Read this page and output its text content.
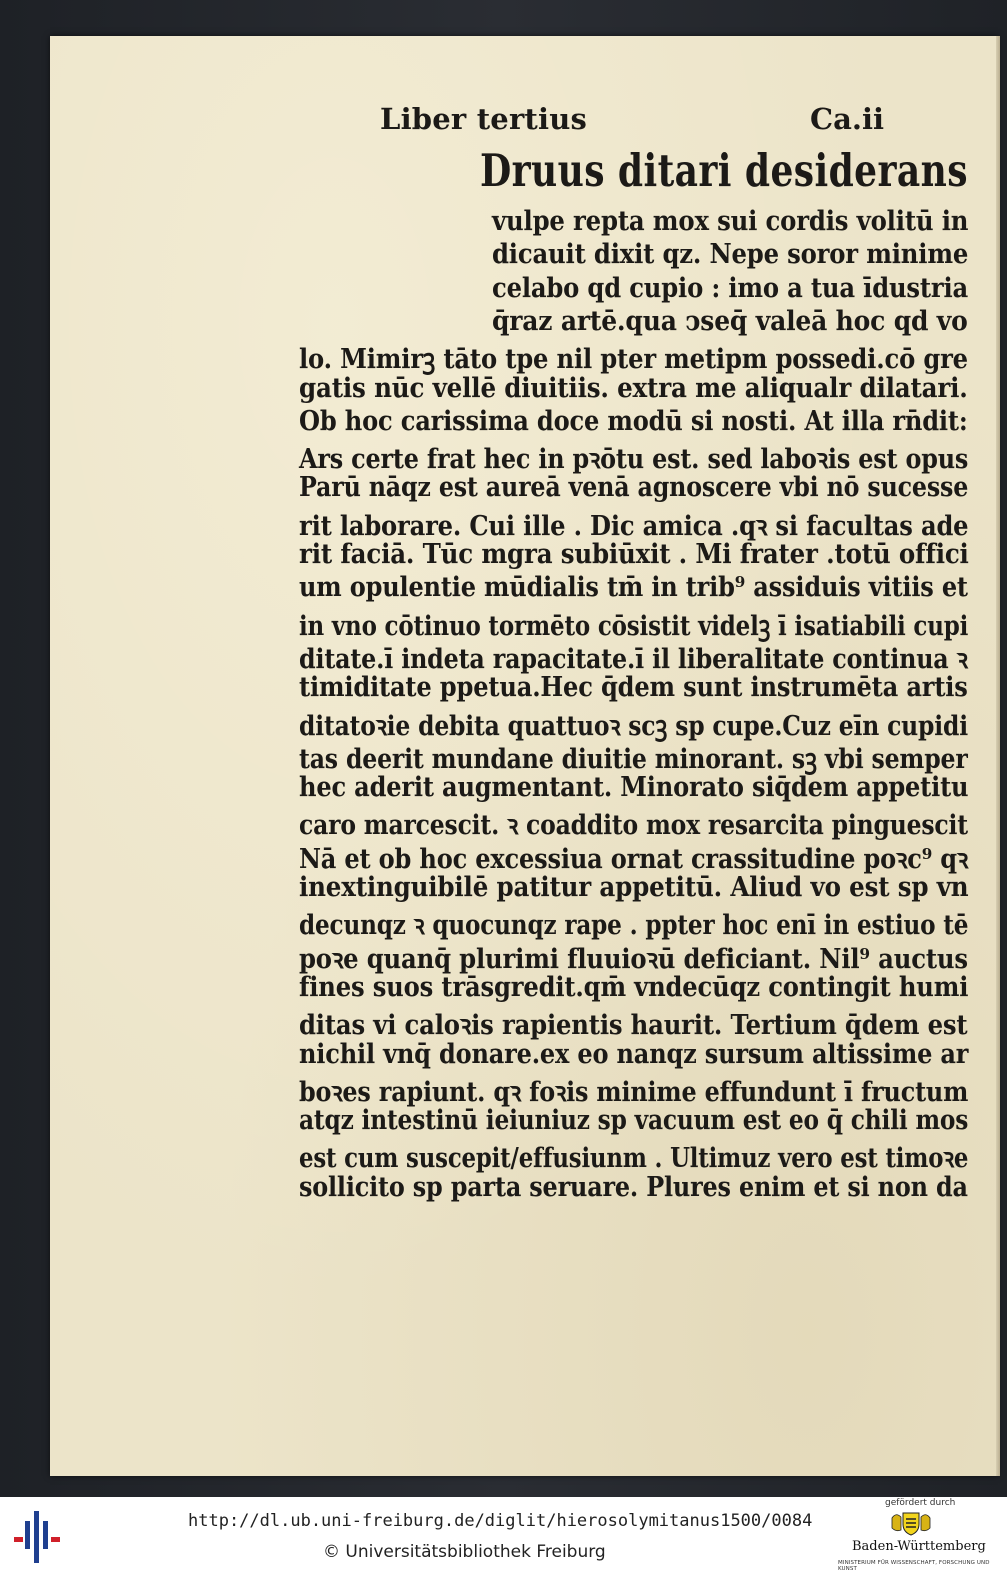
Liber tertius	Ca.ii
Druus ditari desiderans
vulpe repta mox sui cordis volitū in
dicauit dixit qz. Nepe soror minime
celabo qd cupio : imo a tua īdustria
q̄raz artē.qua ↄseq̄ valeā hoc qd vo
lo. Mimirꝫ tāto tpe nil pter metipm possedi.cō gre
gatis nūc vellē diuitiis. extra me aliqualr dilatari.
Ob hoc carissima doce modū si nosti. At illa rn̄dit:
Ars certe frat hec in pꝛōtu est. sed laboꝛis est opus
Parū nāqz est aureā venā agnoscere vbi nō sucesse
rit laborare. Cui ille . Dic amica .qꝛ si facultas ade
rit faciā. Tūc mgra subiūxit . Mi frater .totū offici
um opulentie mūdialis tm̄ in trib⁹ assiduis vitiis et
in vno cōtinuo tormēto cōsistit videlꝫ ī isatiabili cupi
ditate.ī indeta rapacitate.ī il liberalitate continua ꝛ
timiditate ppetua.Hec q̄dem sunt instrumēta artis
ditatoꝛie debita quattuoꝛ scꝫ sp cupe.Cuz eīn cupidi
tas deerit mundane diuitie minorant. sꝫ vbi semper
hec aderit augmentant. Minorato siq̄dem appetitu
caro marcescit. ꝛ coaddito mox resarcita pinguescit
Nā et ob hoc excessiua ornat crassitudine poꝛc⁹ qꝛ
inextinguibilē patitur appetitū. Aliud vo est sp vn
decunqz ꝛ quocunqz rape . ppter hoc enī in estiuo tē
poꝛe quanq̄ plurimi fluuioꝛū deficiant. Nil⁹ auctus
fines suos trāsgredit.qm̄ vndecūqz contingit humi
ditas vi caloꝛis rapientis haurit. Tertium q̄dem est
nichil vnq̄ donare.ex eo nanqz sursum altissime ar
boꝛes rapiunt. qꝛ foꝛis minime effundunt ī fructum
atqz intestinū ieiuniuz sp vacuum est eo q̄ chili mos
est cum suscepit/effusiunm . Ultimuz vero est timoꝛe
sollicito sp parta seruare. Plures enim et si non da
http://dl.ub.uni-freiburg.de/diglit/hierosolymitanus1500/0084
© Universitätsbibliothek Freiburg
gefördert durch
Baden-Württemberg
MINISTERIUM FÜR WISSENSCHAFT, FORSCHUNG UND KUNST
